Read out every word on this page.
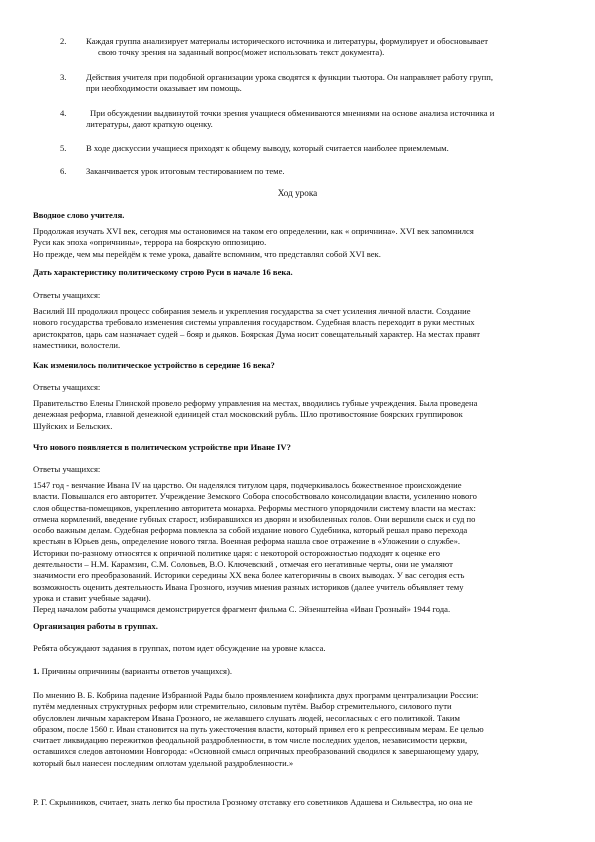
2. Каждая группа анализирует материалы исторического источника и литературы, формулирует и обосновывает
свою точку зрения на заданный вопрос(может использовать текст документа).
3. Действия учителя при подобной организации урока сводятся к функции тьютора. Он направляет работу групп,
при необходимости оказывает им помощь.
4.	При обсуждении выдвинутой точки зрения учащиеся обмениваются мнениями на основе анализа источника и
литературы, дают краткую оценку.
5. В ходе дискуссии учащиеся приходят к общему выводу, который считается наиболее приемлемым.
6. Заканчивается урок итоговым тестированием по теме.
Ход урока
Вводное слово учителя.

Продолжая изучать XVI век, сегодня мы остановимся на таком его определении, как « опричнина». XVI век запомнился

Руси как эпоха «опричнины», террора на боярскую оппозицию.

Но прежде, чем мы перейдём к теме урока, давайте вспомним, что представлял собой XVI век.

Дать характеристику политическому строю Руси в начале 16 века.
Ответы учащихся:

Василий III продолжил процесс собирания земель и укрепления государства за счет усиления личной власти. Создание

нового государства требовало изменения системы управления государством. Судебная власть переходит в руки местных

аристократов, царь сам назначает судей – бояр и дьяков. Боярская Дума носит совещательный характер. На местах правят

наместники, волостели.

Как изменилось политическое устройство в середине 16 века?
Ответы учащихся:

Правительство Елены Глинской провело реформу управления на местах, вводились губные учреждения. Была проведена

денежная реформа, главной денежной единицей стал московский рубль. Шло противостояние боярских группировок

Шуйских и Бельских.

Что нового появляется в политическом устройстве при Иване IV?
Ответы учащихся:

1547 год - венчание Ивана IV на царство. Он наделялся титулом царя, подчеркивалось божественное происхождение

власти. Повышался его авторитет. Учреждение Земского Собора способствовало консолидации власти, усилению нового

слоя общества-помещиков, укреплению авторитета монарха. Реформы местного упорядочили систему власти на местах:

отмена кормлений, введение губных старост, избиравшихся из дворян и изобиленных голов. Они вершили сыск и суд по

особо важным делам. Судебная реформа повлекла за собой издание нового Судебника, который решал право перехода

крестьян в Юрьев день, определение нового тягла. Военная реформа нашла свое отражение в «Уложении о службе».

Историки по-разному относятся к опричной политике царя: с некоторой осторожностью подходят к оценке его

деятельности – Н.М. Карамзин, С.М. Соловьев, В.О. Ключевский , отмечая его негативные черты, они не умаляют

значимости его преобразований. Историки середины XX века более категоричны в своих выводах. У вас сегодня есть

возможность оценить деятельность Ивана Грозного, изучив мнения разных историков (далее учитель объявляет тему

урока и ставит учебные задачи).

Перед началом работы учащимся демонстрируется фрагмент фильма С. Эйзенштейна «Иван Грозный» 1944 года.

Организация работы в группах.
Ребята обсуждают задания в группах, потом идет обсуждение на уровне класса.
1. Причины опричнины (варианты ответов учащихся).

По мнению В. Б. Кобрина падение Избранной Рады было проявлением конфликта двух программ централизации России:

путём медленных структурных реформ или стремительно, силовым путём. Выбор стремительного, силового пути

обусловлен личным характером Ивана Грозного, не желавшего слушать людей, несогласных с его политикой. Таким

образом, после 1560 г. Иван становится на путь ужесточения власти, который привел его к репрессивным мерам. Ее целью

считает ликвидацию пережитков феодальной раздробленности, в том числе последних уделов, независимости церкви,

оставшихся следов автономии Новгорода: «Основной смысл опричных преобразований сводился к завершающему удару,

который был нанесен последним оплотам удельной раздробленности.»

Р. Г. Скрынников, считает, знать легко бы простила Грозному отставку его советников Адашева и Сильвестра, но она не
